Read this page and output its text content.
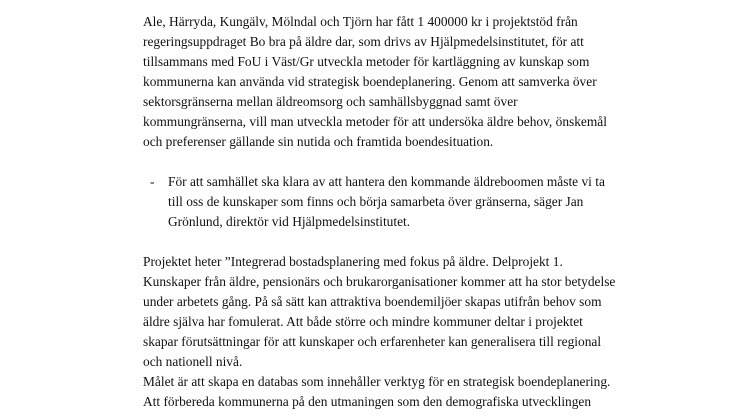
Ale, Härryda, Kungälv, Mölndal och Tjörn har fått 1 400000 kr i projektstöd från
regeringsuppdraget Bo bra på äldre dar, som drivs av Hjälpmedelsinstitutet, för att
tillsammans med FoU i Väst/Gr utveckla metoder för kartläggning av kunskap som
kommunerna kan använda vid strategisk boendeplanering. Genom att samverka över
sektorsgränserna mellan äldreomsorg och samhällsbyggnad samt över
kommungränserna, vill man utveckla metoder för att undersöka äldre behov, önskemål
och preferenser gällande sin nutida och framtida boendesituation.
- För att samhället ska klara av att hantera den kommande äldreboomen måste vi ta
till oss de kunskaper som finns och börja samarbeta över gränserna, säger Jan
Grönlund, direktör vid Hjälpmedelsinstitutet.
Projektet heter ”Integrerad bostadsplanering med fokus på äldre. Delprojekt 1.
Kunskaper från äldre, pensionärs och brukarorganisationer kommer att ha stor betydelse
under arbetets gång. På så sätt kan attraktiva boendemiljöer skapas utifrån behov som
äldre själva har fomulerat. Att både större och mindre kommuner deltar i projektet
skapar förutsättningar för att kunskaper och erfarenheter kan generalisera till regional
och nationell nivå.
Målet är att skapa en databas som innehåller verktyg för en strategisk boendeplanering.
Att förbereda kommunerna på den utmaningen som den demografiska utvecklingen
